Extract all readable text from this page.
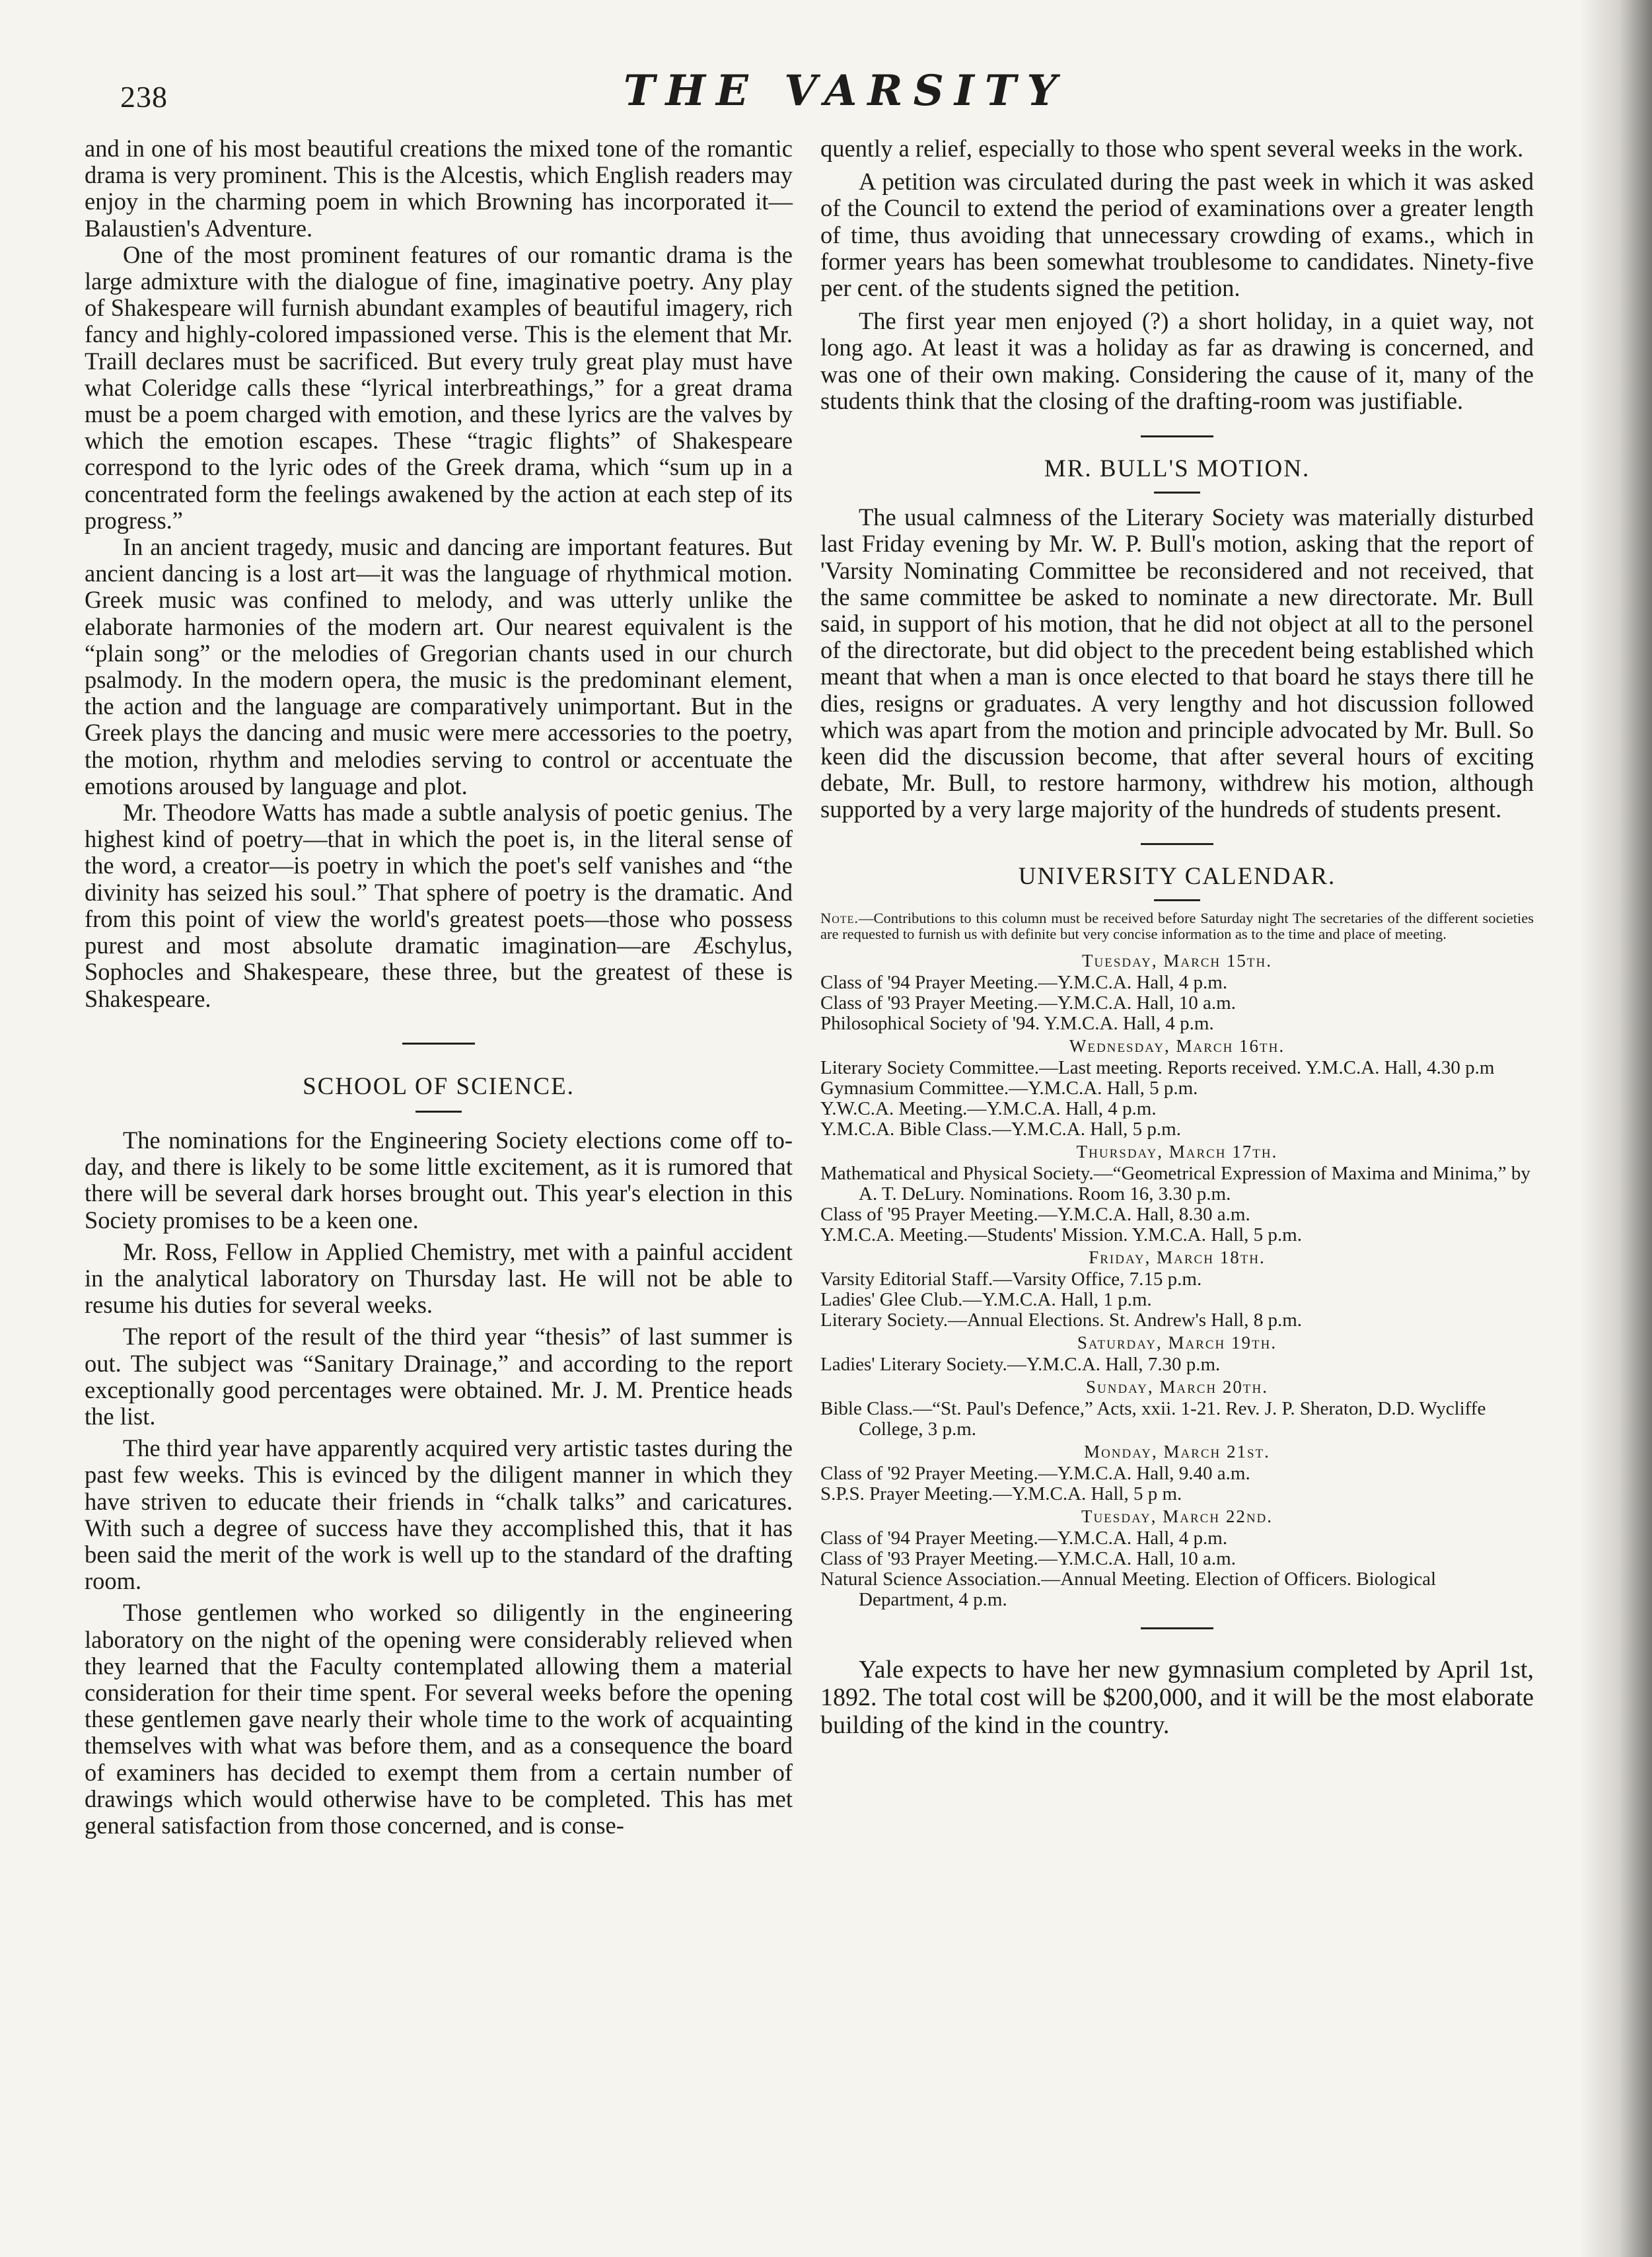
238	THE VARSITY

and in one of his most beautiful creations the mixed tone of the romantic drama is very prominent. This is the Alcestis, which English readers may enjoy in the charming poem in which Browning has incorporated it—Balaustien's Adventure.

One of the most prominent features of our romantic drama is the large admixture with the dialogue of fine, imaginative poetry. Any play of Shakespeare will furnish abundant examples of beautiful imagery, rich fancy and highly-colored impassioned verse. This is the element that Mr. Traill declares must be sacrificed. But every truly great play must have what Coleridge calls these “lyrical interbreathings,” for a great drama must be a poem charged with emotion, and these lyrics are the valves by which the emotion escapes. These “tragic flights” of Shakespeare correspond to the lyric odes of the Greek drama, which “sum up in a concentrated form the feelings awakened by the action at each step of its progress.”

In an ancient tragedy, music and dancing are important features. But ancient dancing is a lost art—it was the language of rhythmical motion. Greek music was confined to melody, and was utterly unlike the elaborate harmonies of the modern art. Our nearest equivalent is the “plain song” or the melodies of Gregorian chants used in our church psalmody. In the modern opera, the music is the predominant element, the action and the language are comparatively unimportant. But in the Greek plays the dancing and music were mere accessories to the poetry, the motion, rhythm and melodies serving to control or accentuate the emotions aroused by language and plot.

Mr. Theodore Watts has made a subtle analysis of poetic genius. The highest kind of poetry—that in which the poet is, in the literal sense of the word, a creator—is poetry in which the poet's self vanishes and “the divinity has seized his soul.” That sphere of poetry is the dramatic. And from this point of view the world's greatest poets—those who possess purest and most absolute dramatic imagination—are Æschylus, Sophocles and Shakespeare, these three, but the greatest of these is Shakespeare.

SCHOOL OF SCIENCE.

The nominations for the Engineering Society elections come off to-day, and there is likely to be some little excitement, as it is rumored that there will be several dark horses brought out. This year's election in this Society promises to be a keen one.

Mr. Ross, Fellow in Applied Chemistry, met with a painful accident in the analytical laboratory on Thursday last. He will not be able to resume his duties for several weeks.

The report of the result of the third year “thesis” of last summer is out. The subject was “Sanitary Drainage,” and according to the report exceptionally good percentages were obtained. Mr. J. M. Prentice heads the list.

The third year have apparently acquired very artistic tastes during the past few weeks. This is evinced by the diligent manner in which they have striven to educate their friends in “chalk talks” and caricatures. With such a degree of success have they accomplished this, that it has been said the merit of the work is well up to the standard of the drafting room.

Those gentlemen who worked so diligently in the engineering laboratory on the night of the opening were considerably relieved when they learned that the Faculty contemplated allowing them a material consideration for their time spent. For several weeks before the opening these gentlemen gave nearly their whole time to the work of acquainting themselves with what was before them, and as a consequence the board of examiners has decided to exempt them from a certain number of drawings which would otherwise have to be completed. This has met general satisfaction from those concerned, and is conse-

quently a relief, especially to those who spent several weeks in the work.

A petition was circulated during the past week in which it was asked of the Council to extend the period of examinations over a greater length of time, thus avoiding that unnecessary crowding of exams., which in former years has been somewhat troublesome to candidates. Ninety-five per cent. of the students signed the petition.

The first year men enjoyed (?) a short holiday, in a quiet way, not long ago. At least it was a holiday as far as drawing is concerned, and was one of their own making. Considering the cause of it, many of the students think that the closing of the drafting-room was justifiable.

MR. BULL'S MOTION.

The usual calmness of the Literary Society was materially disturbed last Friday evening by Mr. W. P. Bull's motion, asking that the report of 'Varsity Nominating Committee be reconsidered and not received, that the same committee be asked to nominate a new directorate. Mr. Bull said, in support of his motion, that he did not object at all to the personel of the directorate, but did object to the precedent being established which meant that when a man is once elected to that board he stays there till he dies, resigns or graduates. A very lengthy and hot discussion followed which was apart from the motion and principle advocated by Mr. Bull. So keen did the discussion become, that after several hours of exciting debate, Mr. Bull, to restore harmony, withdrew his motion, although supported by a very large majority of the hundreds of students present.

UNIVERSITY CALENDAR.

Note.—Contributions to this column must be received before Saturday night The secretaries of the different societies are requested to furnish us with definite but very concise information as to the time and place of meeting.

Tuesday, March 15th.
Class of '94 Prayer Meeting.—Y.M.C.A. Hall, 4 p.m.
Class of '93 Prayer Meeting.—Y.M.C.A. Hall, 10 a.m.
Philosophical Society of '94. Y.M.C.A. Hall, 4 p.m.
Wednesday, March 16th.
Literary Society Committee.—Last meeting. Reports received. Y.M.C.A. Hall, 4.30 p.m
Gymnasium Committee.—Y.M.C.A. Hall, 5 p.m.
Y.W.C.A. Meeting.—Y.M.C.A. Hall, 4 p.m.
Y.M.C.A. Bible Class.—Y.M.C.A. Hall, 5 p.m.
Thursday, March 17th.
Mathematical and Physical Society.—“Geometrical Expression of Maxima and Minima,” by A. T. DeLury. Nominations. Room 16, 3.30 p.m.
Class of '95 Prayer Meeting.—Y.M.C.A. Hall, 8.30 a.m.
Y.M.C.A. Meeting.—Students' Mission. Y.M.C.A. Hall, 5 p.m.
Friday, March 18th.
Varsity Editorial Staff.—Varsity Office, 7.15 p.m.
Ladies' Glee Club.—Y.M.C.A. Hall, 1 p.m.
Literary Society.—Annual Elections. St. Andrew's Hall, 8 p.m.
Saturday, March 19th.
Ladies' Literary Society.—Y.M.C.A. Hall, 7.30 p.m.
Sunday, March 20th.
Bible Class.—“St. Paul's Defence,” Acts, xxii. 1-21. Rev. J. P. Sheraton, D.D. Wycliffe College, 3 p.m.
Monday, March 21st.
Class of '92 Prayer Meeting.—Y.M.C.A. Hall, 9.40 a.m.
S.P.S. Prayer Meeting.—Y.M.C.A. Hall, 5 p m.
Tuesday, March 22nd.
Class of '94 Prayer Meeting.—Y.M.C.A. Hall, 4 p.m.
Class of '93 Prayer Meeting.—Y.M.C.A. Hall, 10 a.m.
Natural Science Association.—Annual Meeting. Election of Officers. Biological Department, 4 p.m.

Yale expects to have her new gymnasium completed by April 1st, 1892. The total cost will be $200,000, and it will be the most elaborate building of the kind in the country.
